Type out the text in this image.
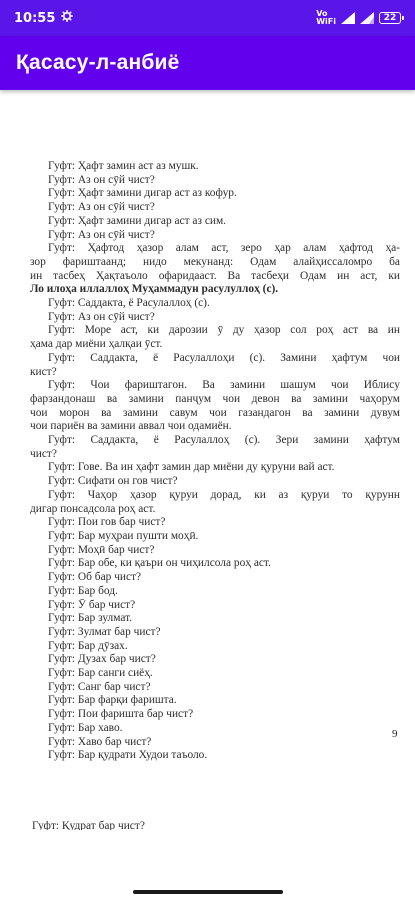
10:55	Vo
WiFi	22
Қасасу-л-анбиё
Гуфт: Ҳафт замин аст аз мушк.
Гуфт: Аз он сӯй чист?
Гуфт: Ҳафт замини дигар аст аз кофур.
Гуфт: Аз он сӯй чист?
Гуфт: Ҳафт замини дигар аст аз сим.
Гуфт: Аз он сӯй чист?
Гуфт: Ҳафтод ҳазор алам аст, зеро ҳар алам ҳафтод ҳа-
зор фариштаанд; нидо мекунанд: Одам алайҳиссаломро ба
ин тасбеҳ Ҳақтаъоло офаридааст. Ва тасбеҳи Одам ин аст, ки
Ло илоҳа иллаллоҳ Муҳаммадун расулуллоҳ (с).
Гуфт: Саддакта, ё Расулаллоҳ (с).
Гуфт: Аз он сӯй чист?
Гуфт: Море аст, ки дарозии ӯ ду ҳазор сол роҳ аст ва ин
ҳама дар миёни ҳалқаи ӯст.
Гуфт: Саддакта, ё Расулаллоҳи (с). Замини ҳафтум чои
кист?
Гуфт: Чои фариштагон. Ва замини шашум чои Иблиcу
фарзандонаш ва замини панҷум чои девон ва замини чаҳорум
чои морон ва замини савум чои газандагон ва замини дувум
чои париён ва замини аввал чои одамиён.
Гуфт: Саддакта, ё Расулаллоҳ (с). Зери замини ҳафтум
чист?
Гуфт: Гове. Ва ин ҳафт замин дар миёни ду қуруни вай аст.
Гуфт: Сифати он гов чист?
Гуфт: Чаҳор ҳазор қуруи дорад, ки аз қуруи то қурунн
дигар понсадсола роҳ аст.
Гуфт: Пои гов бар чист?
Гуфт: Бар муҳраи пушти моҳӣ.
Гуфт: Моҳӣ бар чист?
Гуфт: Бар обе, ки қаъри он чиҳилсола роҳ аст.
Гуфт: Об бар чист?
Гуфт: Бар бод.
Гуфт: Ӯ бар чист?
Гуфт: Бар зулмат.
Гуфт: Зулмат бар чист?
Гуфт: Бар дӯзах.
Гуфт: Дузах бар чист?
Гуфт: Бар санги сиёҳ.
Гуфт: Санг бар чист?
Гуфт: Бар фарқи фаришта.
Гуфт: Пои фаришта бар чист?
Гуфт: Бар хаво.
Гуфт: Хаво бар чист?
Гуфт: Бар қудрати Худои таъоло.
9
Гуфт: Қудрат бар чист?
